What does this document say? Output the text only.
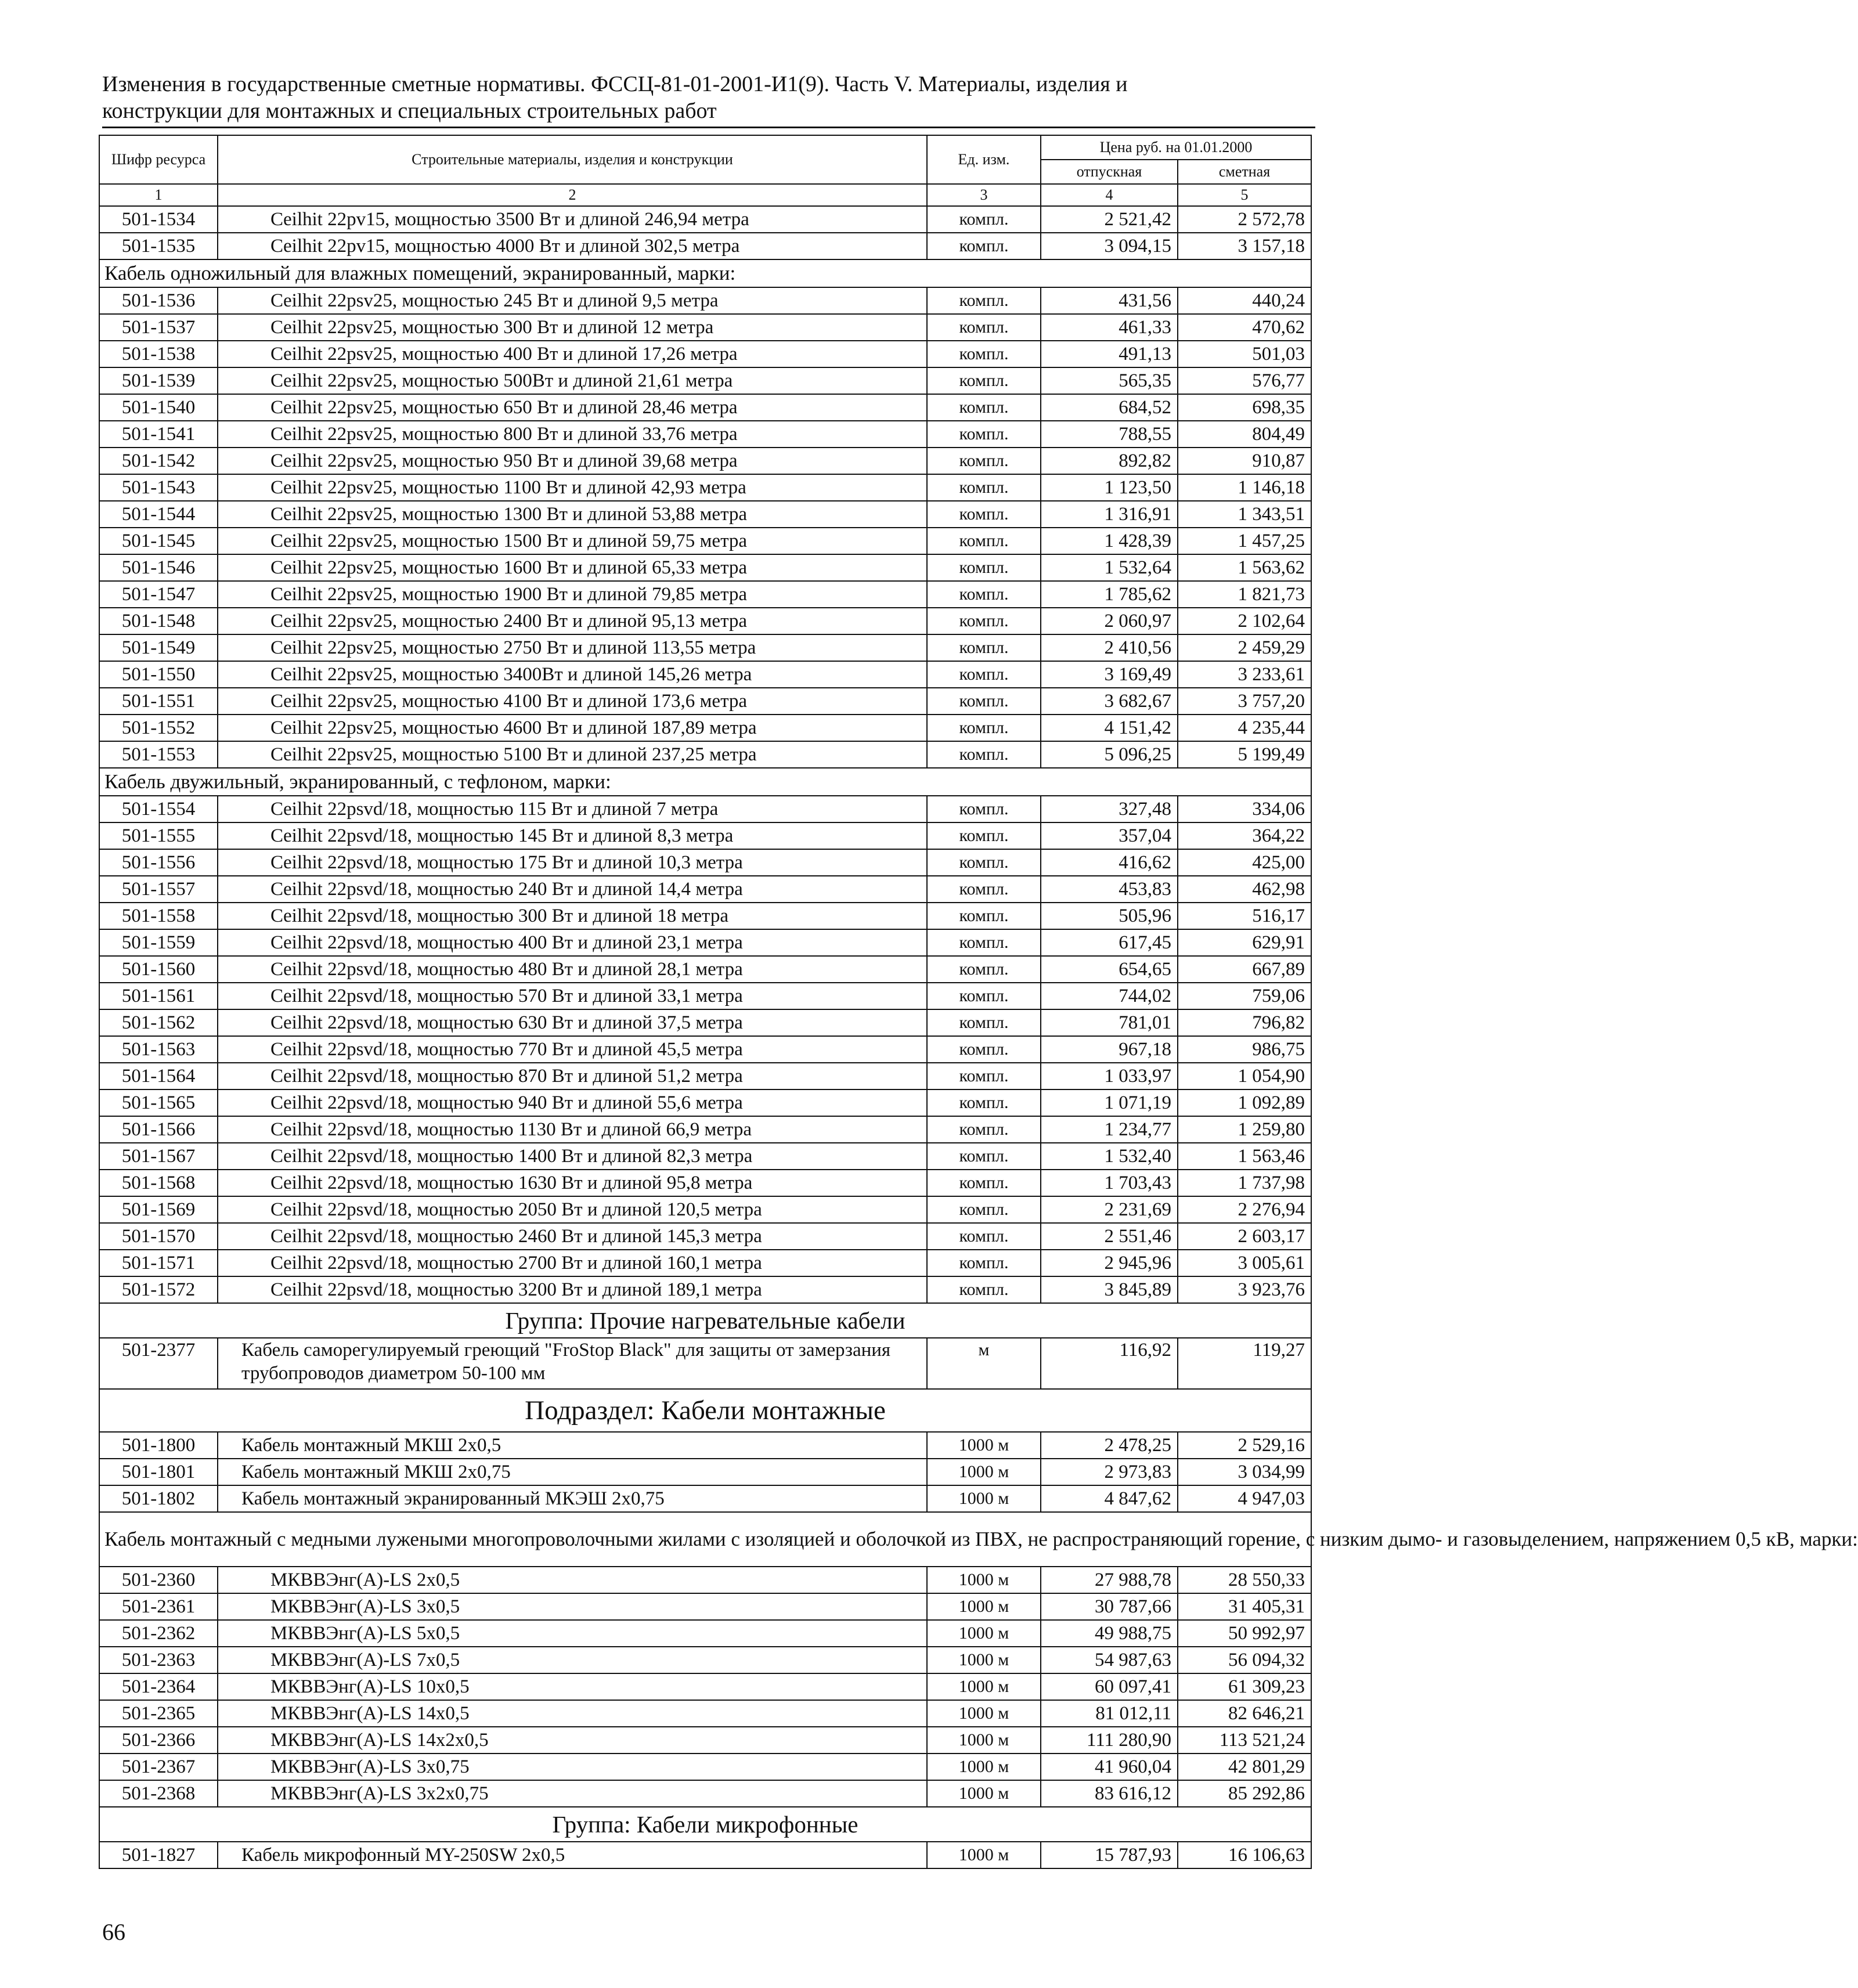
Изменения в государственные сметные нормативы. ФССЦ-81-01-2001-И1(9). Часть V. Материалы, изделия и
конструкции для монтажных и специальных строительных работ
Шифр ресурса	Строительные материалы, изделия и конструкции	Ед. изм.	Цена руб. на 01.01.2000	
			отпускная	сметная
1	2	3	4	5
501-1534	Ceilhit 22pv15, мощностью 3500 Вт и длиной 246,94 метра	компл.	2 521,42	2 572,78
501-1535	Ceilhit 22pv15, мощностью 4000 Вт и длиной 302,5 метра	компл.	3 094,15	3 157,18
Кабель одножильный для влажных помещений, экранированный, марки:				
501-1536	Ceilhit 22psv25, мощностью 245 Вт и длиной 9,5 метра	компл.	431,56	440,24
501-1537	Ceilhit 22psv25, мощностью 300 Вт и длиной 12 метра	компл.	461,33	470,62
501-1538	Ceilhit 22psv25, мощностью 400 Вт и длиной 17,26 метра	компл.	491,13	501,03
501-1539	Ceilhit 22psv25, мощностью 500Вт и длиной 21,61 метра	компл.	565,35	576,77
501-1540	Ceilhit 22psv25, мощностью 650 Вт и длиной 28,46 метра	компл.	684,52	698,35
501-1541	Ceilhit 22psv25, мощностью 800 Вт и длиной 33,76 метра	компл.	788,55	804,49
501-1542	Ceilhit 22psv25, мощностью 950 Вт и длиной 39,68 метра	компл.	892,82	910,87
501-1543	Ceilhit 22psv25, мощностью 1100 Вт и длиной 42,93 метра	компл.	1 123,50	1 146,18
501-1544	Ceilhit 22psv25, мощностью 1300 Вт и длиной 53,88 метра	компл.	1 316,91	1 343,51
501-1545	Ceilhit 22psv25, мощностью 1500 Вт и длиной 59,75 метра	компл.	1 428,39	1 457,25
501-1546	Ceilhit 22psv25, мощностью 1600 Вт и длиной 65,33 метра	компл.	1 532,64	1 563,62
501-1547	Ceilhit 22psv25, мощностью 1900 Вт и длиной 79,85 метра	компл.	1 785,62	1 821,73
501-1548	Ceilhit 22psv25, мощностью 2400 Вт и длиной 95,13 метра	компл.	2 060,97	2 102,64
501-1549	Ceilhit 22psv25, мощностью 2750 Вт и длиной 113,55 метра	компл.	2 410,56	2 459,29
501-1550	Ceilhit 22psv25, мощностью 3400Вт и длиной 145,26 метра	компл.	3 169,49	3 233,61
501-1551	Ceilhit 22psv25, мощностью 4100 Вт и длиной 173,6 метра	компл.	3 682,67	3 757,20
501-1552	Ceilhit 22psv25, мощностью 4600 Вт и длиной 187,89 метра	компл.	4 151,42	4 235,44
501-1553	Ceilhit 22psv25, мощностью 5100 Вт и длиной 237,25 метра	компл.	5 096,25	5 199,49
Кабель двужильный, экранированный, с тефлоном, марки:				
501-1554	Ceilhit 22psvd/18, мощностью 115 Вт и длиной 7 метра	компл.	327,48	334,06
501-1555	Ceilhit 22psvd/18, мощностью 145 Вт и длиной 8,3 метра	компл.	357,04	364,22
501-1556	Ceilhit 22psvd/18, мощностью 175 Вт и длиной 10,3 метра	компл.	416,62	425,00
501-1557	Ceilhit 22psvd/18, мощностью 240 Вт и длиной 14,4 метра	компл.	453,83	462,98
501-1558	Ceilhit 22psvd/18, мощностью 300 Вт и длиной 18 метра	компл.	505,96	516,17
501-1559	Ceilhit 22psvd/18, мощностью 400 Вт и длиной 23,1 метра	компл.	617,45	629,91
501-1560	Ceilhit 22psvd/18, мощностью 480 Вт и длиной 28,1 метра	компл.	654,65	667,89
501-1561	Ceilhit 22psvd/18, мощностью 570 Вт и длиной 33,1 метра	компл.	744,02	759,06
501-1562	Ceilhit 22psvd/18, мощностью 630 Вт и длиной 37,5 метра	компл.	781,01	796,82
501-1563	Ceilhit 22psvd/18, мощностью 770 Вт и длиной 45,5 метра	компл.	967,18	986,75
501-1564	Ceilhit 22psvd/18, мощностью 870 Вт и длиной 51,2 метра	компл.	1 033,97	1 054,90
501-1565	Ceilhit 22psvd/18, мощностью 940 Вт и длиной 55,6 метра	компл.	1 071,19	1 092,89
501-1566	Ceilhit 22psvd/18, мощностью 1130 Вт и длиной 66,9 метра	компл.	1 234,77	1 259,80
501-1567	Ceilhit 22psvd/18, мощностью 1400 Вт и длиной 82,3 метра	компл.	1 532,40	1 563,46
501-1568	Ceilhit 22psvd/18, мощностью 1630 Вт и длиной 95,8 метра	компл.	1 703,43	1 737,98
501-1569	Ceilhit 22psvd/18, мощностью 2050 Вт и длиной 120,5 метра	компл.	2 231,69	2 276,94
501-1570	Ceilhit 22psvd/18, мощностью 2460 Вт и длиной 145,3 метра	компл.	2 551,46	2 603,17
501-1571	Ceilhit 22psvd/18, мощностью 2700 Вт и длиной 160,1 метра	компл.	2 945,96	3 005,61
501-1572	Ceilhit 22psvd/18, мощностью 3200 Вт и длиной 189,1 метра	компл.	3 845,89	3 923,76
Группа: Прочие нагревательные кабели				
501-2377	Кабель саморегулируемый греющий "FroStop Black" для защиты от замерзания трубопроводов диаметром 50-100 мм	м	116,92	119,27
Подраздел: Кабели монтажные				
501-1800	Кабель монтажный МКШ 2х0,5	1000 м	2 478,25	2 529,16
501-1801	Кабель монтажный МКШ 2х0,75	1000 м	2 973,83	3 034,99
501-1802	Кабель монтажный экранированный МКЭШ 2х0,75	1000 м	4 847,62	4 947,03
Кабель монтажный с медными лужеными многопроволочными жилами с изоляцией и оболочкой из ПВХ, не распространяющий горение, с низким дымо- и газовыделением, напряжением 0,5 кВ, марки:				
501-2360	МКВВЭнг(А)-LS 2х0,5	1000 м	27 988,78	28 550,33
501-2361	МКВВЭнг(А)-LS 3х0,5	1000 м	30 787,66	31 405,31
501-2362	МКВВЭнг(А)-LS 5х0,5	1000 м	49 988,75	50 992,97
501-2363	МКВВЭнг(А)-LS 7х0,5	1000 м	54 987,63	56 094,32
501-2364	МКВВЭнг(А)-LS 10х0,5	1000 м	60 097,41	61 309,23
501-2365	МКВВЭнг(А)-LS 14х0,5	1000 м	81 012,11	82 646,21
501-2366	МКВВЭнг(А)-LS 14х2х0,5	1000 м	111 280,90	113 521,24
501-2367	МКВВЭнг(А)-LS 3х0,75	1000 м	41 960,04	42 801,29
501-2368	МКВВЭнг(А)-LS 3х2х0,75	1000 м	83 616,12	85 292,86
Группа: Кабели микрофонные				
501-1827	Кабель микрофонный MY-250SW 2х0,5	1000 м	15 787,93	16 106,63
66
